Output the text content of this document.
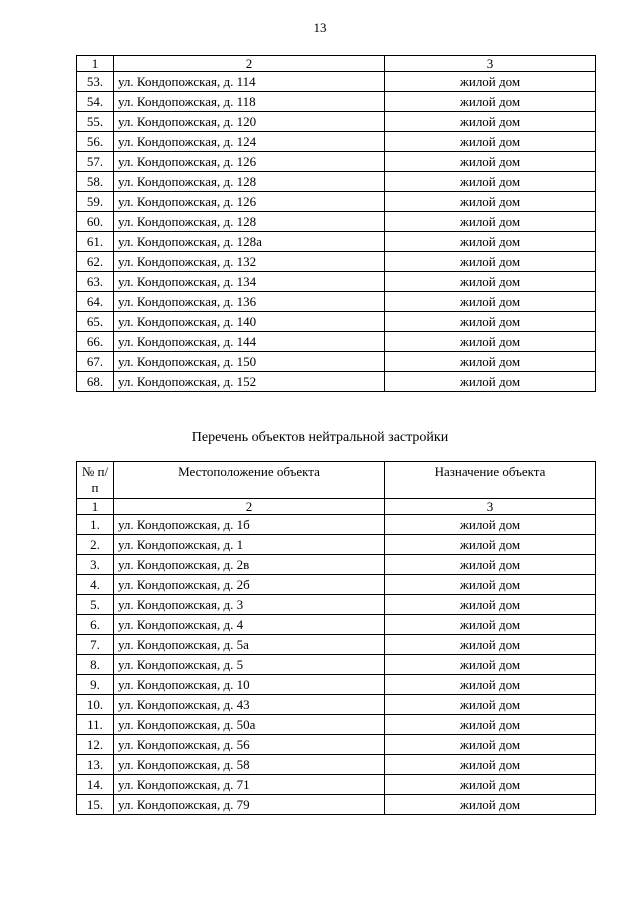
13
1	2	3
53.	ул. Кондопожская, д. 114	жилой дом
54.	ул. Кондопожская, д. 118	жилой дом
55.	ул. Кондопожская, д. 120	жилой дом
56.	ул. Кондопожская, д. 124	жилой дом
57.	ул. Кондопожская, д. 126	жилой дом
58.	ул. Кондопожская, д. 128	жилой дом
59.	ул. Кондопожская, д. 126	жилой дом
60.	ул. Кондопожская, д. 128	жилой дом
61.	ул. Кондопожская, д. 128а	жилой дом
62.	ул. Кондопожская, д. 132	жилой дом
63.	ул. Кондопожская, д. 134	жилой дом
64.	ул. Кондопожская, д. 136	жилой дом
65.	ул. Кондопожская, д. 140	жилой дом
66.	ул. Кондопожская, д. 144	жилой дом
67.	ул. Кондопожская, д. 150	жилой дом
68.	ул. Кондопожская, д. 152	жилой дом
Перечень объектов нейтральной застройки
№ п/п	Местоположение объекта	Назначение объекта
1	2	3
1.	ул. Кондопожская, д. 1б	жилой дом
2.	ул. Кондопожская, д. 1	жилой дом
3.	ул. Кондопожская, д. 2в	жилой дом
4.	ул. Кондопожская, д. 2б	жилой дом
5.	ул. Кондопожская, д. 3	жилой дом
6.	ул. Кондопожская, д. 4	жилой дом
7.	ул. Кондопожская, д. 5а	жилой дом
8.	ул. Кондопожская, д. 5	жилой дом
9.	ул. Кондопожская, д. 10	жилой дом
10.	ул. Кондопожская, д. 43	жилой дом
11.	ул. Кондопожская, д. 50а	жилой дом
12.	ул. Кондопожская, д. 56	жилой дом
13.	ул. Кондопожская, д. 58	жилой дом
14.	ул. Кондопожская, д. 71	жилой дом
15.	ул. Кондопожская, д. 79	жилой дом
